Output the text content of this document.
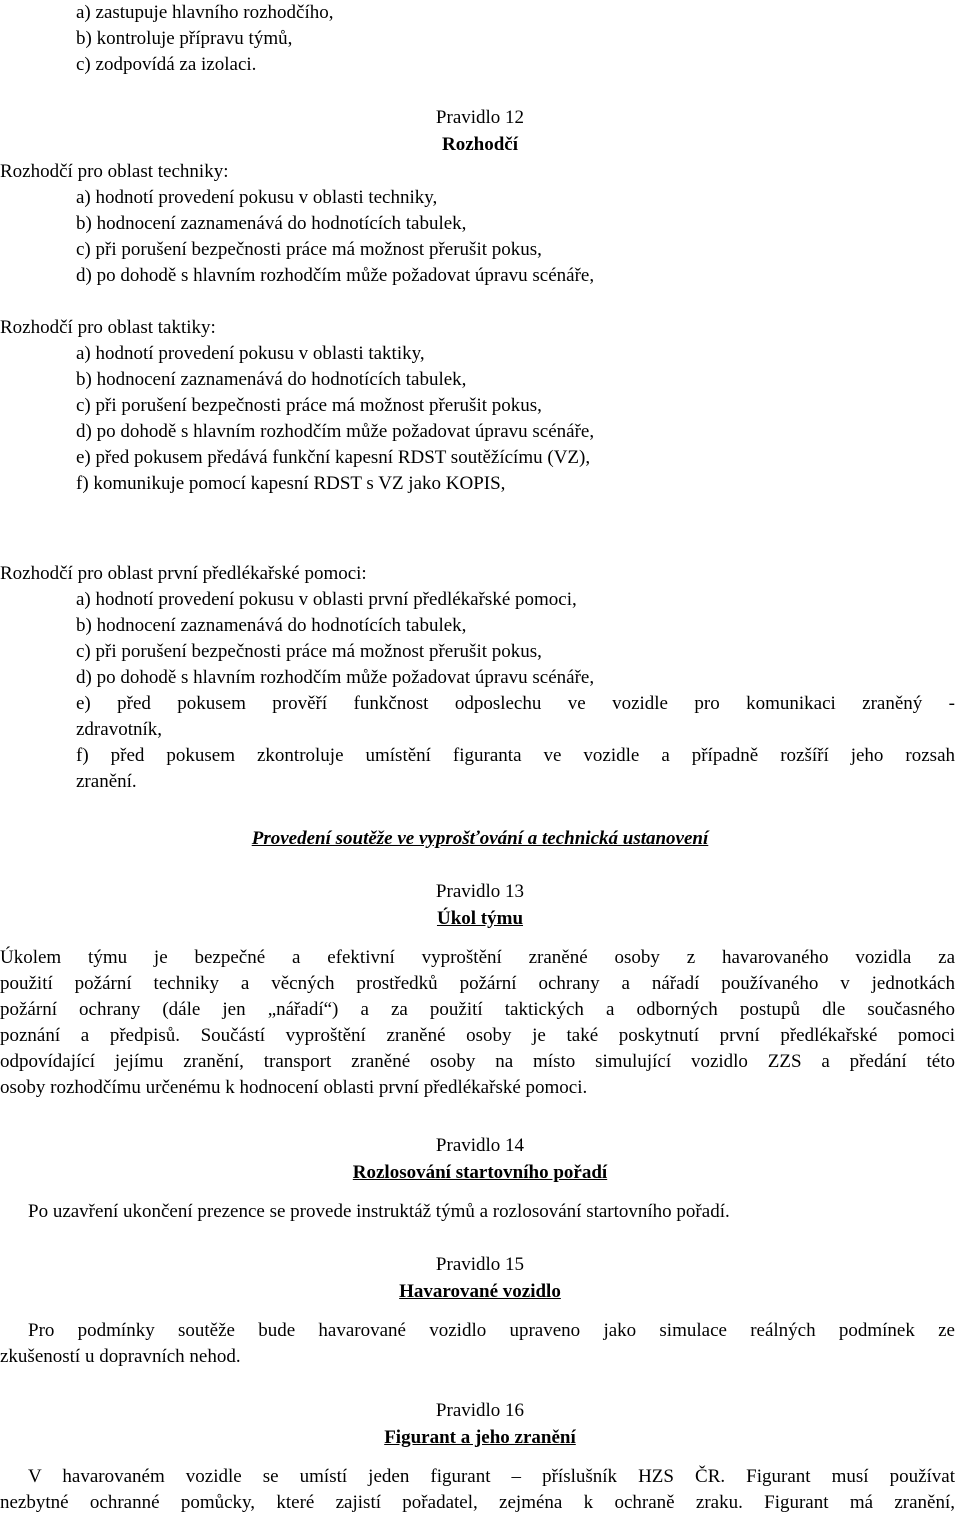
a) zastupuje hlavního rozhodčího,
b) kontroluje přípravu týmů,
c) zodpovídá za izolaci.
Pravidlo 12
Rozhodčí
Rozhodčí pro oblast techniky:
a) hodnotí provedení pokusu v oblasti techniky,
b) hodnocení zaznamenává do hodnotících tabulek,
c) při porušení bezpečnosti práce má možnost přerušit pokus,
d) po dohodě s hlavním rozhodčím může požadovat úpravu scénáře,
Rozhodčí pro oblast taktiky:
a) hodnotí provedení pokusu v oblasti taktiky,
b) hodnocení zaznamenává do hodnotících tabulek,
c) při porušení bezpečnosti práce má možnost přerušit pokus,
d) po dohodě s hlavním rozhodčím může požadovat úpravu scénáře,
e) před pokusem předává funkční kapesní RDST soutěžícímu (VZ),
f) komunikuje pomocí kapesní RDST s VZ jako KOPIS,
Rozhodčí pro oblast první předlékařské pomoci:
a) hodnotí provedení pokusu v oblasti první předlékařské pomoci,
b) hodnocení zaznamenává do hodnotících tabulek,
c) při porušení bezpečnosti práce má možnost přerušit pokus,
d) po dohodě s hlavním rozhodčím může požadovat úpravu scénáře,
e) před pokusem prověří funkčnost odposlechu ve vozidle pro komunikaci zraněný -
zdravotník,
f) před pokusem zkontroluje umístění figuranta ve vozidle a případně rozšíří jeho rozsah
zranění.
Provedení soutěže ve vyprošťování a technická ustanovení
Pravidlo 13
Úkol týmu
Úkolem týmu je bezpečné a efektivní vyproštění zraněné osoby z havarovaného vozidla za
použití požární techniky a věcných prostředků požární ochrany a nářadí používaného v jednotkách
požární ochrany (dále jen „nářadí“) a za použití taktických a odborných postupů dle současného
poznání a předpisů. Součástí vyproštění zraněné osoby je také poskytnutí první předlékařské pomoci
odpovídající jejímu zranění, transport zraněné osoby na místo simulující vozidlo ZZS a předání této
osoby rozhodčímu určenému k hodnocení oblasti první předlékařské pomoci.
Pravidlo 14
Rozlosování startovního pořadí
Po uzavření ukončení prezence se provede instruktáž týmů a rozlosování startovního pořadí.
Pravidlo 15
Havarované vozidlo
Pro podmínky soutěže bude havarované vozidlo upraveno jako simulace reálných podmínek ze
zkušeností u dopravních nehod.
Pravidlo 16
Figurant a jeho zranění
V havarovaném vozidle se umístí jeden figurant – příslušník HZS ČR. Figurant musí používat
nezbytné ochranné pomůcky, které zajistí pořadatel, zejména k ochraně zraku. Figurant má zranění,
